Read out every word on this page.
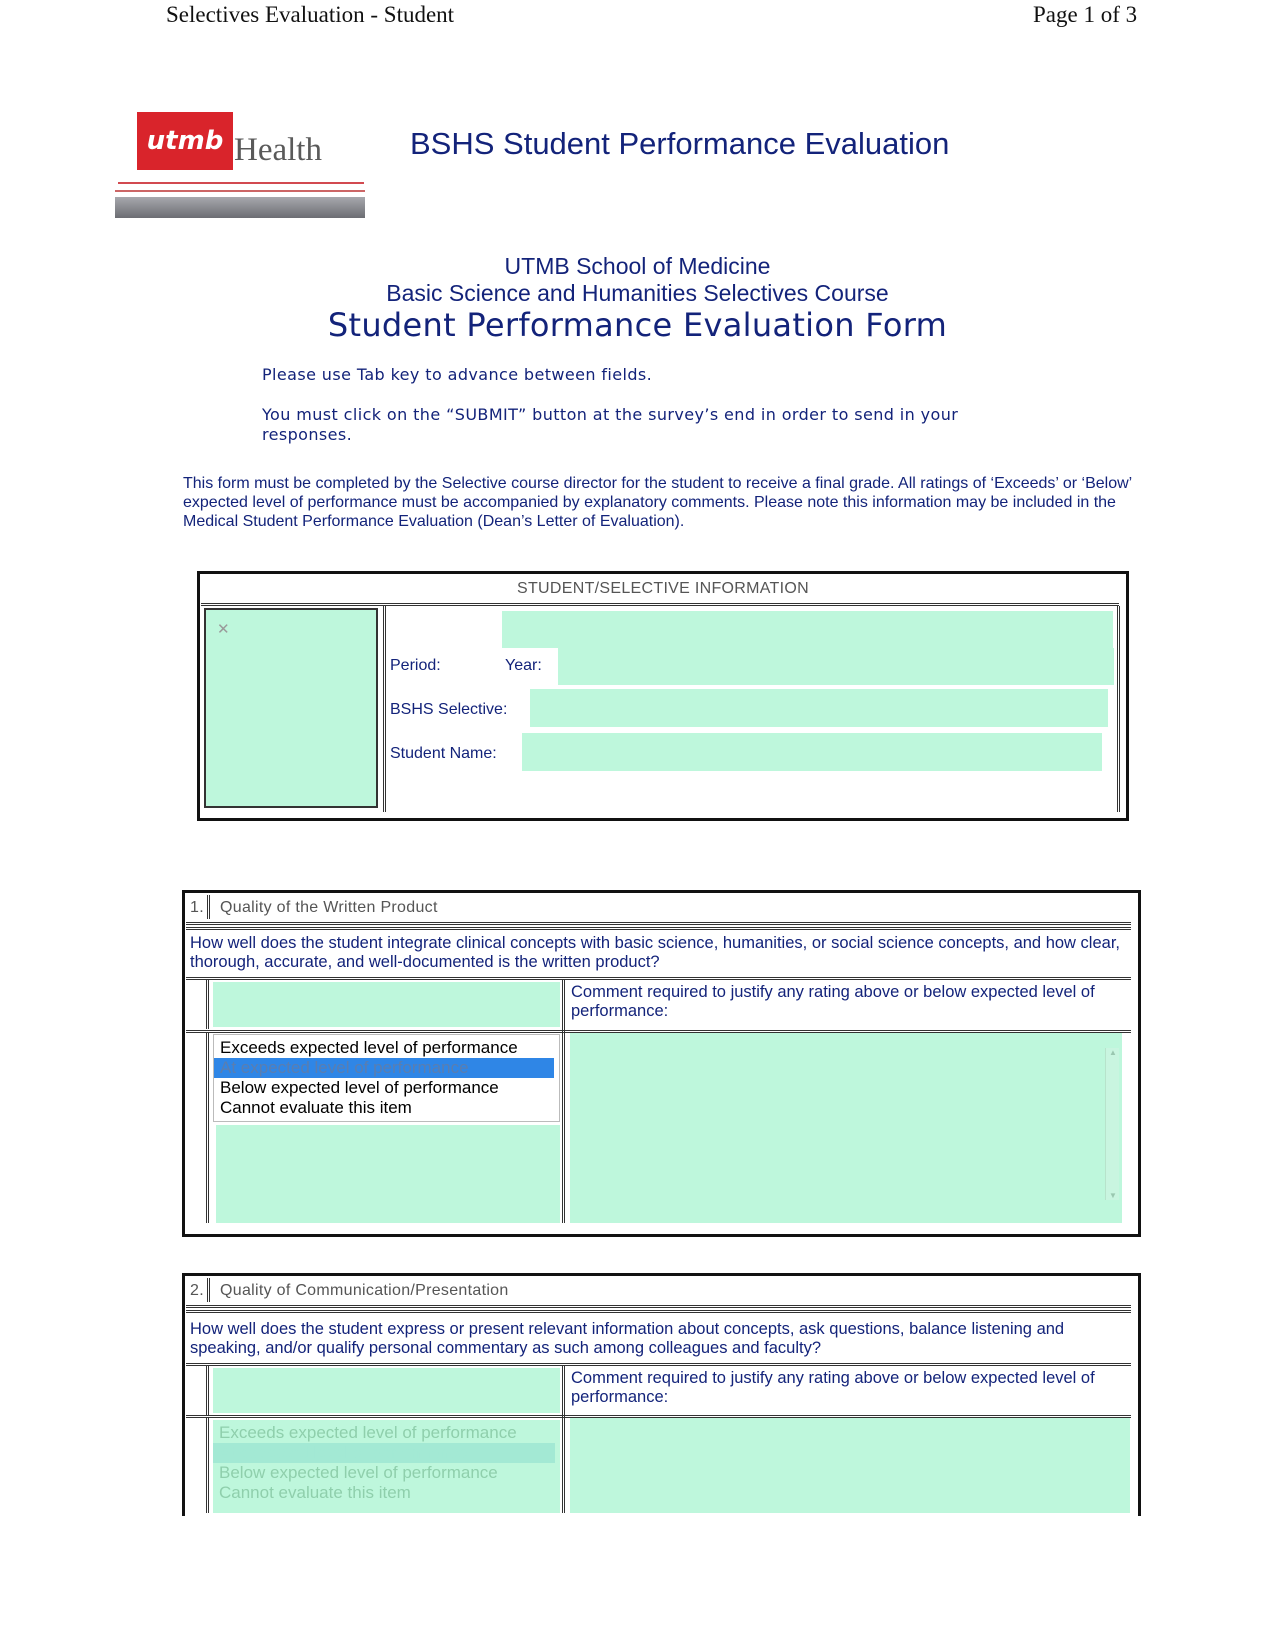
Selectives Evaluation - Student	Page 1 of 3
utmb Health	BSHS Student Performance Evaluation
UTMB School of Medicine
Basic Science and Humanities Selectives Course
Student Performance Evaluation Form
Please use Tab key to advance between fields.
You must click on the “SUBMIT” button at the survey’s end in order to send in your responses.
This form must be completed by the Selective course director for the student to receive a final grade. All ratings of ‘Exceeds’ or ‘Below’ expected level of performance must be accompanied by explanatory comments. Please note this information may be included in the Medical Student Performance Evaluation (Dean’s Letter of Evaluation).
STUDENT/SELECTIVE INFORMATION
✕
Period:	Year:
BSHS Selective:
Student Name:
1. Quality of the Written Product
How well does the student integrate clinical concepts with basic science, humanities, or social science concepts, and how clear, thorough, accurate, and well-documented is the written product?
Comment required to justify any rating above or below expected level of performance:
Exceeds expected level of performance
At expected level of performance
Below expected level of performance
Cannot evaluate this item
▲
▼
2. Quality of Communication/Presentation
How well does the student express or present relevant information about concepts, ask questions, balance listening and speaking, and/or qualify personal commentary as such among colleagues and faculty?
Comment required to justify any rating above or below expected level of performance:
Exceeds expected level of performance
At expected level of performance
Below expected level of performance
Cannot evaluate this item
